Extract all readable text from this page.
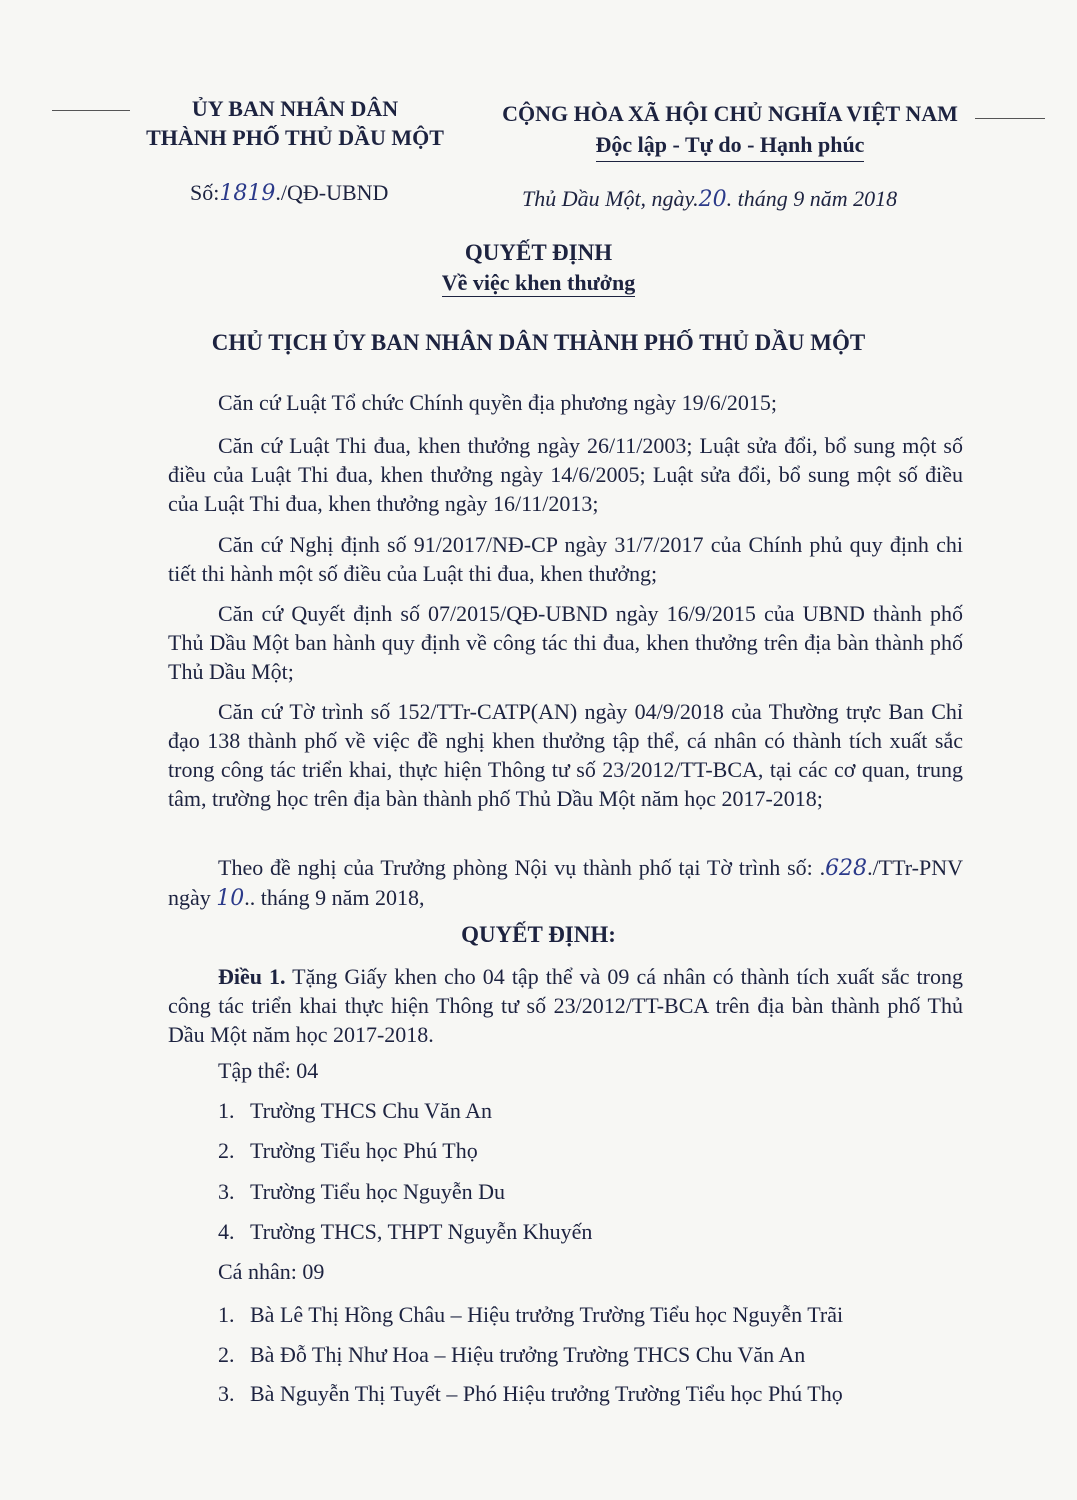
ỦY BAN NHÂN DÂN
THÀNH PHỐ THỦ DẦU MỘT
CỘNG HÒA XÃ HỘI CHỦ NGHĨA VIỆT NAM
Độc lập - Tự do - Hạnh phúc
Số:1819./QĐ-UBND	Thủ Dầu Một, ngày.20. tháng 9 năm 2018
QUYẾT ĐỊNH
Về việc khen thưởng
CHỦ TỊCH ỦY BAN NHÂN DÂN THÀNH PHỐ THỦ DẦU MỘT
Căn cứ Luật Tổ chức Chính quyền địa phương ngày 19/6/2015;
Căn cứ Luật Thi đua, khen thưởng ngày 26/11/2003; Luật sửa đổi, bổ sung một số điều của Luật Thi đua, khen thưởng ngày 14/6/2005; Luật sửa đổi, bổ sung một số điều của Luật Thi đua, khen thưởng ngày 16/11/2013;
Căn cứ Nghị định số 91/2017/NĐ-CP ngày 31/7/2017 của Chính phủ quy định chi tiết thi hành một số điều của Luật thi đua, khen thưởng;
Căn cứ Quyết định số 07/2015/QĐ-UBND ngày 16/9/2015 của UBND thành phố Thủ Dầu Một ban hành quy định về công tác thi đua, khen thưởng trên địa bàn thành phố Thủ Dầu Một;
Căn cứ Tờ trình số 152/TTr-CATP(AN) ngày 04/9/2018 của Thường trực Ban Chỉ đạo 138 thành phố về việc đề nghị khen thưởng tập thể, cá nhân có thành tích xuất sắc trong công tác triển khai, thực hiện Thông tư số 23/2012/TT-BCA, tại các cơ quan, trung tâm, trường học trên địa bàn thành phố Thủ Dầu Một năm học 2017-2018;
Theo đề nghị của Trưởng phòng Nội vụ thành phố tại Tờ trình số: .628./TTr-PNV ngày 10.. tháng 9 năm 2018,
QUYẾT ĐỊNH:
Điều 1. Tặng Giấy khen cho 04 tập thể và 09 cá nhân có thành tích xuất sắc trong công tác triển khai thực hiện Thông tư số 23/2012/TT-BCA trên địa bàn thành phố Thủ Dầu Một năm học 2017-2018.
Tập thể: 04
1. Trường THCS Chu Văn An
2. Trường Tiểu học Phú Thọ
3. Trường Tiểu học Nguyễn Du
4. Trường THCS, THPT Nguyễn Khuyến
Cá nhân: 09
1. Bà Lê Thị Hồng Châu – Hiệu trưởng Trường Tiểu học Nguyễn Trãi
2. Bà Đỗ Thị Như Hoa – Hiệu trưởng Trường THCS Chu Văn An
3. Bà Nguyễn Thị Tuyết – Phó Hiệu trưởng Trường Tiểu học Phú Thọ
